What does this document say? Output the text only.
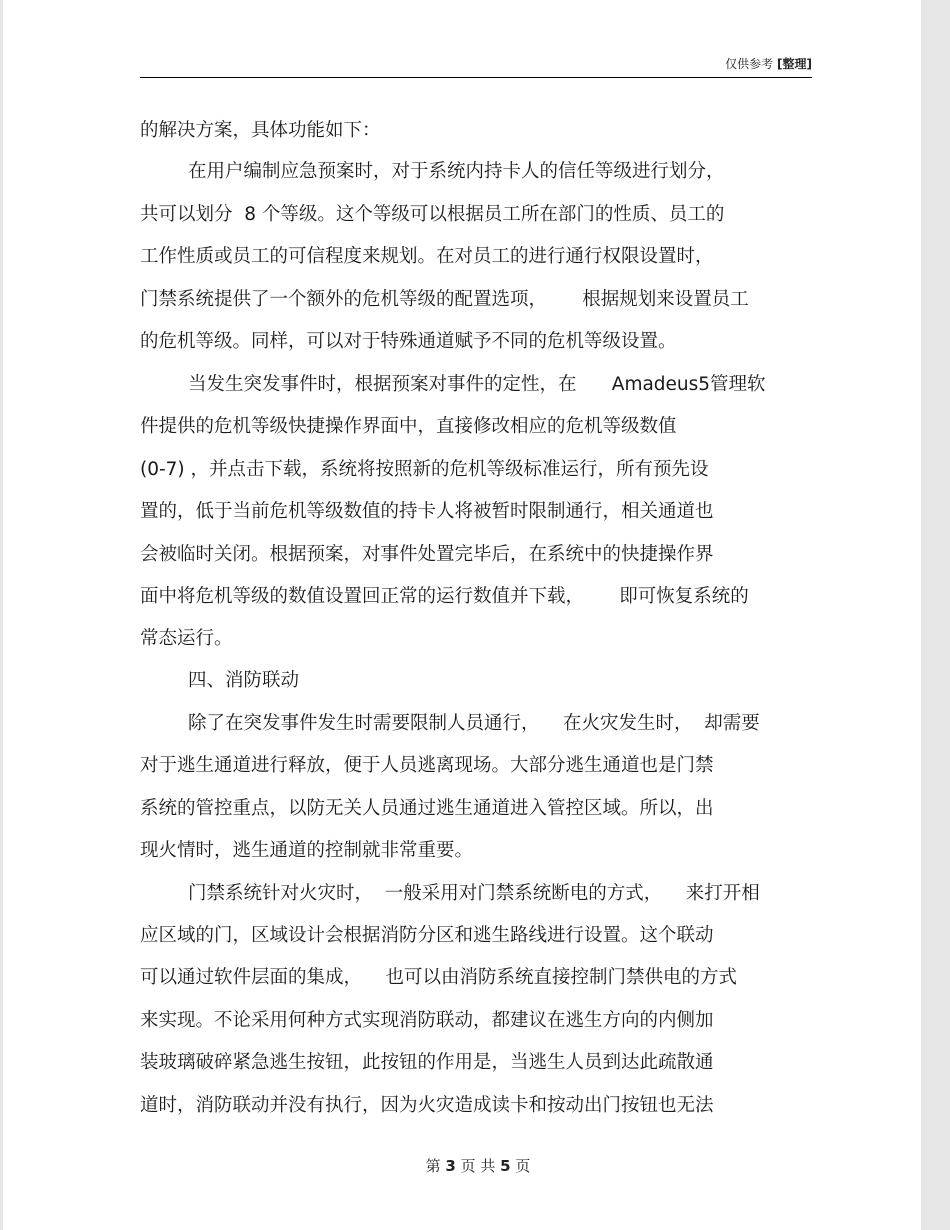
仅供参考 [整理]
的解决方案，具体功能如下：
在用户编制应急预案时，对于系统内持卡人的信任等级进行划分，
共可以划分  8 个等级。这个等级可以根据员工所在部门的性质、员工的
工作性质或员工的可信程度来规划。在对员工的进行通行权限设置时，
门禁系统提供了一个额外的危机等级的配置选项，      根据规划来设置员工
的危机等级。同样，可以对于特殊通道赋予不同的危机等级设置。
当发生突发事件时，根据预案对事件的定性，在      Amadeus5管理软
件提供的危机等级快捷操作界面中，直接修改相应的危机等级数值
(0-7) ，并点击下载，系统将按照新的危机等级标准运行，所有预先设
置的，低于当前危机等级数值的持卡人将被暂时限制通行，相关通道也
会被临时关闭。根据预案，对事件处置完毕后，在系统中的快捷操作界
面中将危机等级的数值设置回正常的运行数值并下载，      即可恢复系统的
常态运行。
四、消防联动
除了在突发事件发生时需要限制人员通行，    在火灾发生时，  却需要
对于逃生通道进行释放，便于人员逃离现场。大部分逃生通道也是门禁
系统的管控重点，以防无关人员通过逃生通道进入管控区域。所以，出
现火情时，逃生通道的控制就非常重要。
门禁系统针对火灾时，  一般采用对门禁系统断电的方式，    来打开相
应区域的门，区域设计会根据消防分区和逃生路线进行设置。这个联动
可以通过软件层面的集成，    也可以由消防系统直接控制门禁供电的方式
来实现。不论采用何种方式实现消防联动，都建议在逃生方向的内侧加
装玻璃破碎紧急逃生按钮，此按钮的作用是，当逃生人员到达此疏散通
道时，消防联动并没有执行，因为火灾造成读卡和按动出门按钮也无法
第 3 页 共 5 页
